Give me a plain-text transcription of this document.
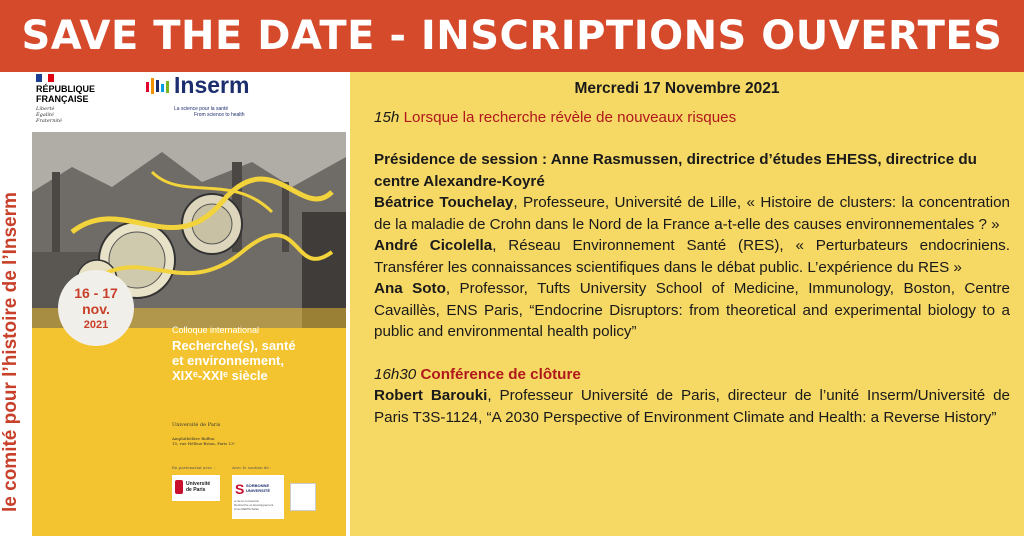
SAVE THE DATE - INSCRIPTIONS OUVERTES
RÉPUBLIQUE
FRANÇAISE
Liberté
Égalité
Fraternité
Inserm
La science pour la santé
From science to health
16 - 17
nov.
2021	Colloque international
Recherche(s), santé
et environnement,
XIXᵉ-XXIᵉ siècle
Université de Paris
Amphithéâtre Buffon
15, rue Hélène-Brion, Paris 13ᵉ
En partenariat avec :	Avec le soutien de :
Université
de Paris	S SORBONNE
UNIVERSITÉ
et de la convention
Recherche et développement
Amont/ERIS-Sélén
le comité pour l’histoire de l’Inserm
Mercredi 17 Novembre 2021
15h Lorsque la recherche révèle de nouveaux risques
Présidence de session : Anne Rasmussen, directrice d’études EHESS, directrice du centre Alexandre-Koyré
Béatrice Touchelay, Professeure, Université de Lille, « Histoire de clusters: la concentration de la maladie de Crohn dans le Nord de la France a-t-elle des causes environnementales ? »
André Cicolella, Réseau Environnement Santé (RES), « Perturbateurs endocriniens. Transférer les connaissances scientifiques dans le débat public. L’expérience du RES »
Ana Soto, Professor, Tufts University School of Medicine, Immunology, Boston, Centre Cavaillès, ENS Paris, “Endocrine Disruptors: from theoretical and experimental biology to a public and environmental health policy”
16h30 Conférence de clôture
Robert Barouki, Professeur Université de Paris, directeur de l’unité Inserm/Université de Paris T3S-1124, “A 2030 Perspective of Environment Climate and Health: a Reverse History”
